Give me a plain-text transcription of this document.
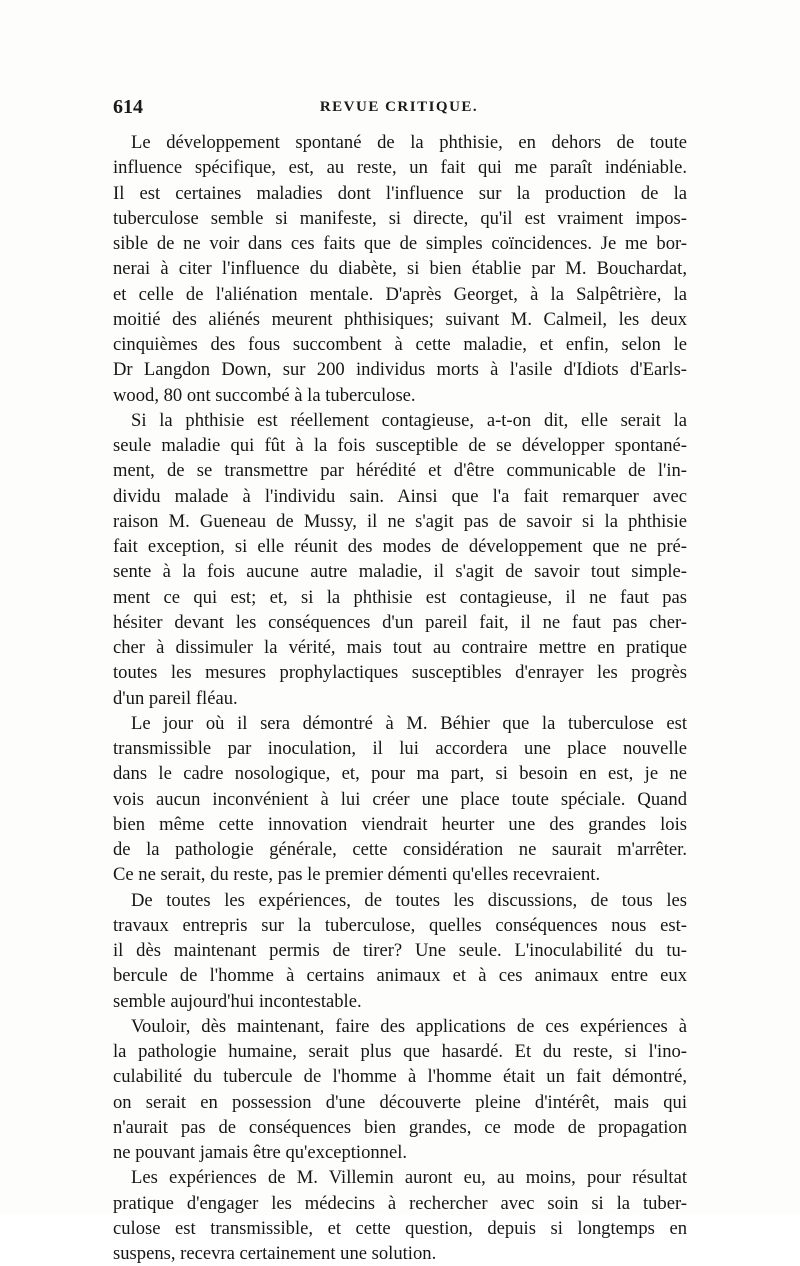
614	REVUE CRITIQUE.
Le développement spontané de la phthisie, en dehors de toute
influence spécifique, est, au reste, un fait qui me paraît indéniable.
Il est certaines maladies dont l'influence sur la production de la
tuberculose semble si manifeste, si directe, qu'il est vraiment impos-
sible de ne voir dans ces faits que de simples coïncidences. Je me bor-
nerai à citer l'influence du diabète, si bien établie par M. Bouchardat,
et celle de l'aliénation mentale. D'après Georget, à la Salpêtrière, la
moitié des aliénés meurent phthisiques; suivant M. Calmeil, les deux
cinquièmes des fous succombent à cette maladie, et enfin, selon le
Dr Langdon Down, sur 200 individus morts à l'asile d'Idiots d'Earls-
wood, 80 ont succombé à la tuberculose.
Si la phthisie est réellement contagieuse, a-t-on dit, elle serait la
seule maladie qui fût à la fois susceptible de se développer spontané-
ment, de se transmettre par hérédité et d'être communicable de l'in-
dividu malade à l'individu sain. Ainsi que l'a fait remarquer avec
raison M. Gueneau de Mussy, il ne s'agit pas de savoir si la phthisie
fait exception, si elle réunit des modes de développement que ne pré-
sente à la fois aucune autre maladie, il s'agit de savoir tout simple-
ment ce qui est; et, si la phthisie est contagieuse, il ne faut pas
hésiter devant les conséquences d'un pareil fait, il ne faut pas cher-
cher à dissimuler la vérité, mais tout au contraire mettre en pratique
toutes les mesures prophylactiques susceptibles d'enrayer les progrès
d'un pareil fléau.
Le jour où il sera démontré à M. Béhier que la tuberculose est
transmissible par inoculation, il lui accordera une place nouvelle
dans le cadre nosologique, et, pour ma part, si besoin en est, je ne
vois aucun inconvénient à lui créer une place toute spéciale. Quand
bien même cette innovation viendrait heurter une des grandes lois
de la pathologie générale, cette considération ne saurait m'arrêter.
Ce ne serait, du reste, pas le premier démenti qu'elles recevraient.
De toutes les expériences, de toutes les discussions, de tous les
travaux entrepris sur la tuberculose, quelles conséquences nous est-
il dès maintenant permis de tirer? Une seule. L'inoculabilité du tu-
bercule de l'homme à certains animaux et à ces animaux entre eux
semble aujourd'hui incontestable.
Vouloir, dès maintenant, faire des applications de ces expériences à
la pathologie humaine, serait plus que hasardé. Et du reste, si l'ino-
culabilité du tubercule de l'homme à l'homme était un fait démontré,
on serait en possession d'une découverte pleine d'intérêt, mais qui
n'aurait pas de conséquences bien grandes, ce mode de propagation
ne pouvant jamais être qu'exceptionnel.
Les expériences de M. Villemin auront eu, au moins, pour résultat
pratique d'engager les médecins à rechercher avec soin si la tuber-
culose est transmissible, et cette question, depuis si longtemps en
suspens, recevra certainement une solution.
